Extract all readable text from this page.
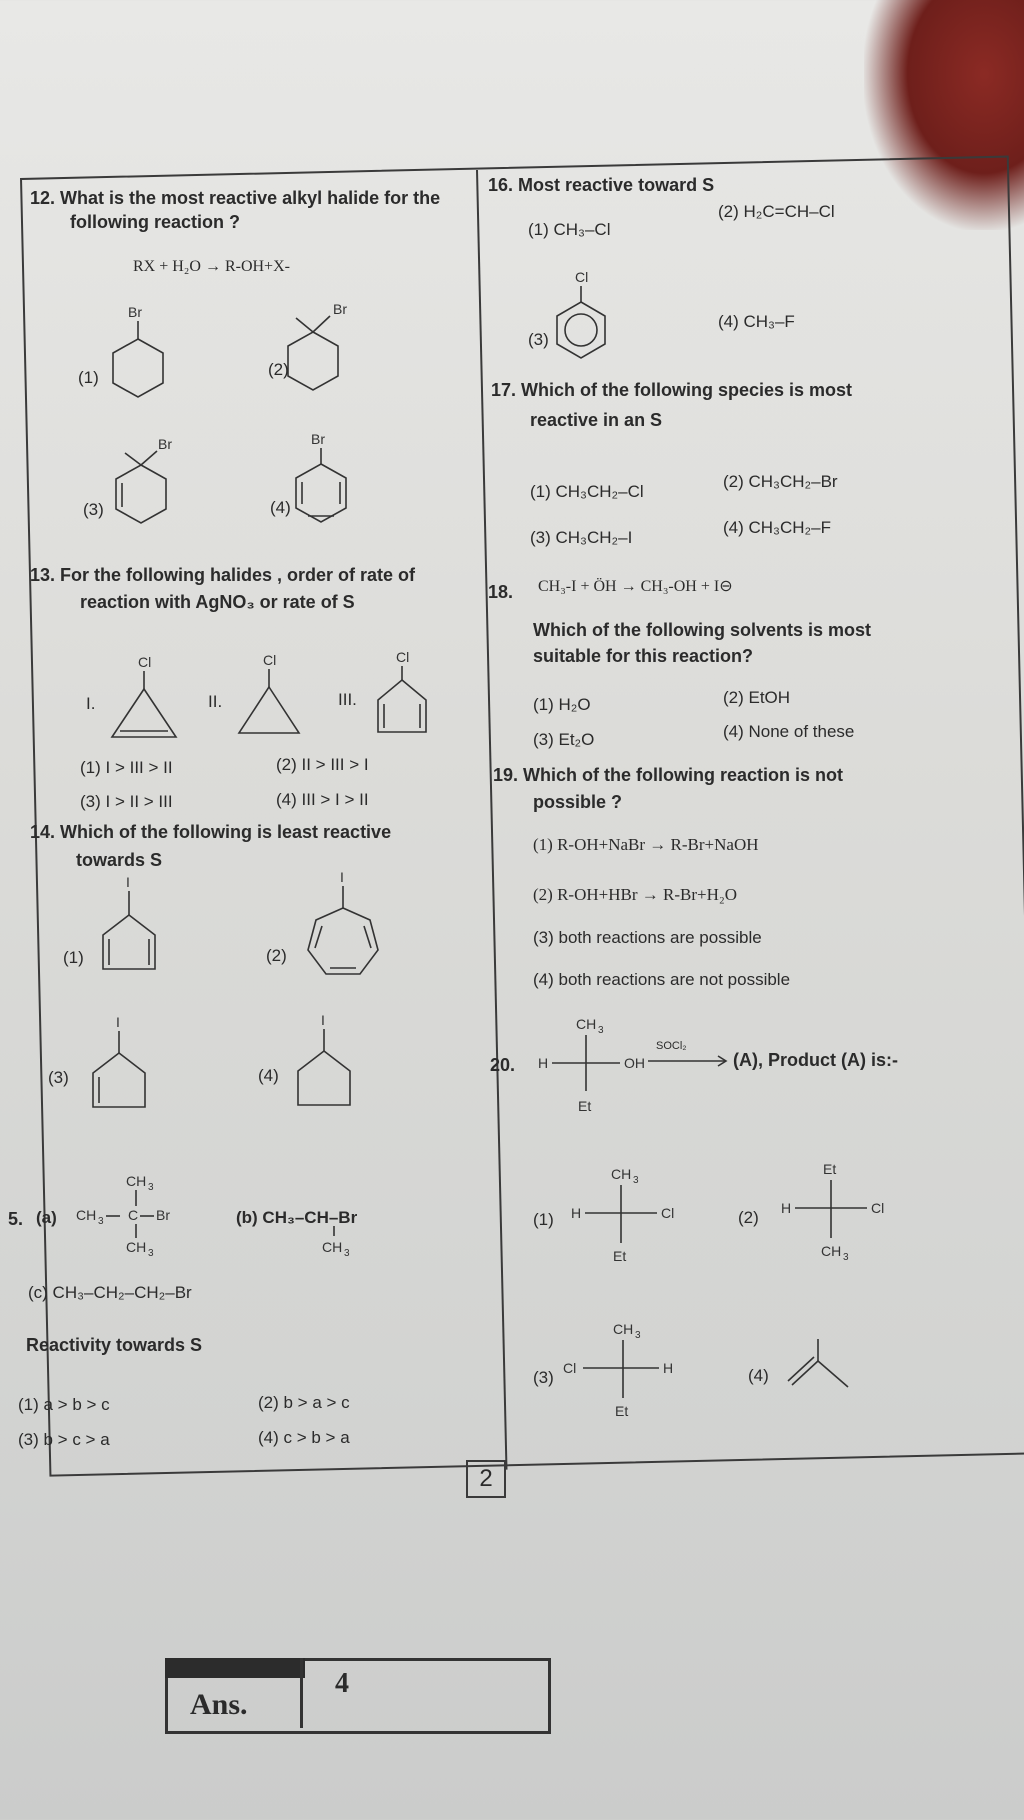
12. What is the most reactive alkyl halide for the
following reaction ?
RX + H₂O → R-OH+X-
(1)	(2)
(3)	(4)
Br	Br
Br	Br
13. For the following halides , order of rate of
reaction with AgNO₃ or rate of S
I.	II.	III.
Cl	Cl	Cl
(1) I > III > II	(2) II > III > I
(3) I > II > III	(4) III > I > II
14. Which of the following is least reactive
towards S
(1)	(2)
(3)	(4)
I	I
I	I
5. (a)
CH 3
CH 3 C Br
CH 3
(b) CH₃–CH–Br
CH 3
(c) CH₃–CH₂–CH₂–Br
Reactivity towards S
(1) a > b > c	(2) b > a > c
(3) b > c > a	(4) c > b > a
16. Most reactive toward S
(1) CH₃–Cl
(2) H₂C=CH–Cl
(3)
(4) CH₃–F
Cl
17. Which of the following species is most
reactive in an S
(1) CH₃CH₂–Cl
(2) CH₃CH₂–Br
(3) CH₃CH₂–I
(4) CH₃CH₂–F
18. CH₃-I + ÖH → CH₃-OH + I⊖
Which of the following solvents is most
suitable for this reaction?
(1) H₂O	(2) EtOH
(3) Et₂O	(4) None of these
19. Which of the following reaction is not
possible ?
(1) R-OH+NaBr → R-Br+NaOH
(2) R-OH+HBr → R-Br+H₂O
(3) both reactions are possible
(4) both reactions are not possible
20.
CH 3
H	OH
Et
SOCl₂
(A), Product (A) is:-
(1)
CH 3
H	Cl
Et
(2)
Et
H	Cl
CH 3
(3)
CH 3
Cl	H
Et
(4)
2
Ans.
4
